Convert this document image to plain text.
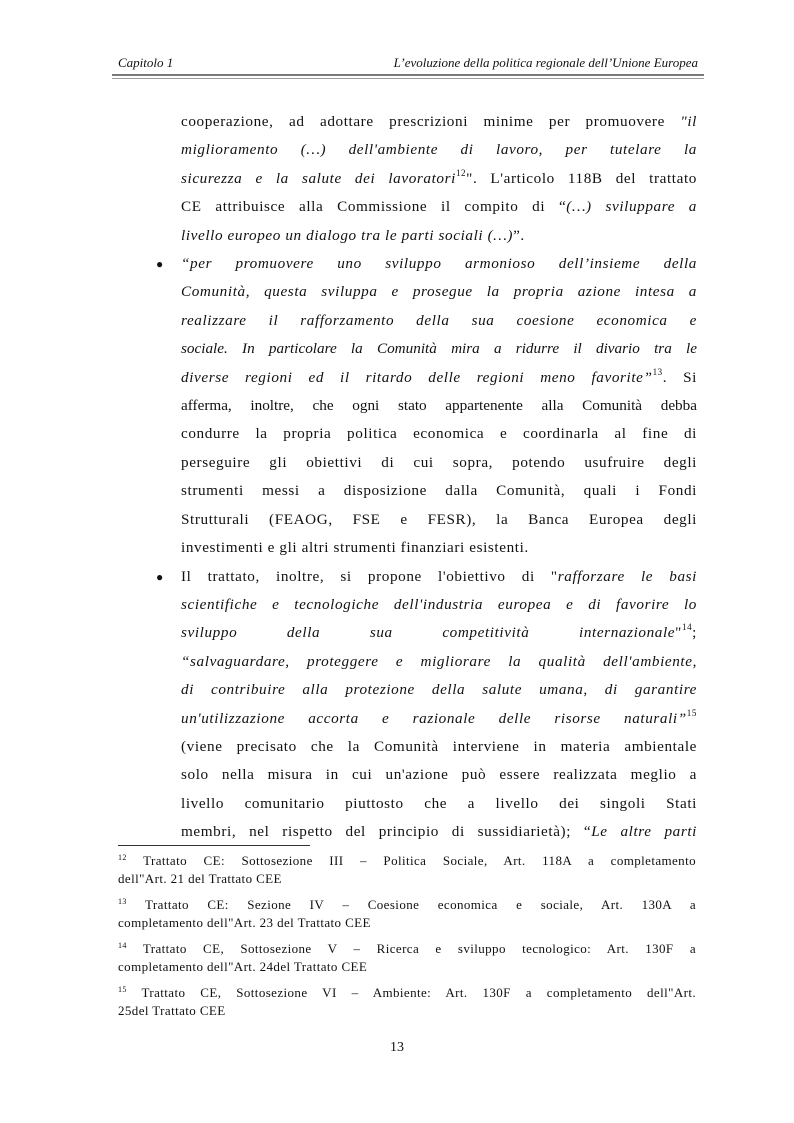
Capitolo 1	L’evoluzione della politica regionale dell’Unione Europea
cooperazione, ad adottare prescrizioni minime per promuovere "il
miglioramento (…) dell'ambiente di lavoro, per tutelare la
sicurezza e la salute dei lavoratori$^{12}$". L'articolo 118B del trattato
CE attribuisce alla Commissione il compito di “(…) sviluppare a
livello europeo un dialogo tra le parti sociali (…)”.
● “per promuovere uno sviluppo armonioso dell’insieme della
Comunità, questa sviluppa e prosegue la propria azione intesa a
realizzare il rafforzamento della sua coesione economica e
sociale. In particolare la Comunità mira a ridurre il divario tra le
diverse regioni ed il ritardo delle regioni meno favorite”$^{13}$. Si
afferma, inoltre, che ogni stato appartenente alla Comunità debba
condurre la propria politica economica e coordinarla al fine di
perseguire gli obiettivi di cui sopra, potendo usufruire degli
strumenti messi a disposizione dalla Comunità, quali i Fondi
Strutturali (FEAOG, FSE e FESR), la Banca Europea degli
investimenti e gli altri strumenti finanziari esistenti.
● Il trattato, inoltre, si propone l'obiettivo di "rafforzare le basi
scientifiche e tecnologiche dell'industria europea e di favorire lo
sviluppo della sua competitività internazionale"$^{14}$;
“salvaguardare, proteggere e migliorare la qualità dell'ambiente,
di contribuire alla protezione della salute umana, di garantire
un'utilizzazione accorta e razionale delle risorse naturali”$^{15}$
(viene precisato che la Comunità interviene in materia ambientale
solo nella misura in cui un'azione può essere realizzata meglio a
livello comunitario piuttosto che a livello dei singoli Stati
membri, nel rispetto del principio di sussidiarietà); “Le altre parti
$^{12}$ Trattato CE: Sottosezione III – Politica Sociale, Art. 118A a completamento
dell"Art. 21 del Trattato CEE
$^{13}$ Trattato CE: Sezione IV – Coesione economica e sociale, Art. 130A a
completamento dell"Art. 23 del Trattato CEE
$^{14}$ Trattato CE, Sottosezione V – Ricerca e sviluppo tecnologico: Art. 130F a
completamento dell"Art. 24del Trattato CEE
$^{15}$ Trattato CE, Sottosezione VI – Ambiente: Art. 130F a completamento dell"Art.
25del Trattato CEE
13
